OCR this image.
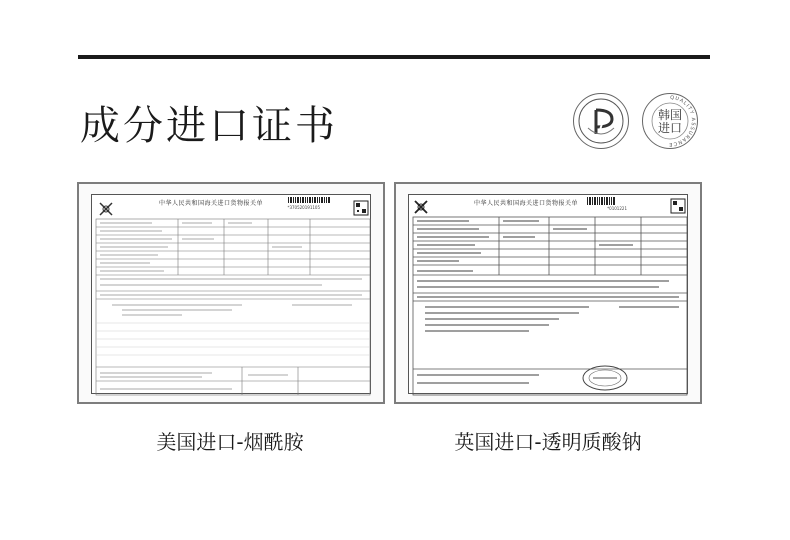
成分进口证书
QUALITY ASSURANCE
韩国
进口
中华人民共和国海关进口货物报关单
*370520191105
中华人民共和国海关进口货物报关单
*0101221
美国进口-烟酰胺	英国进口-透明质酸钠
